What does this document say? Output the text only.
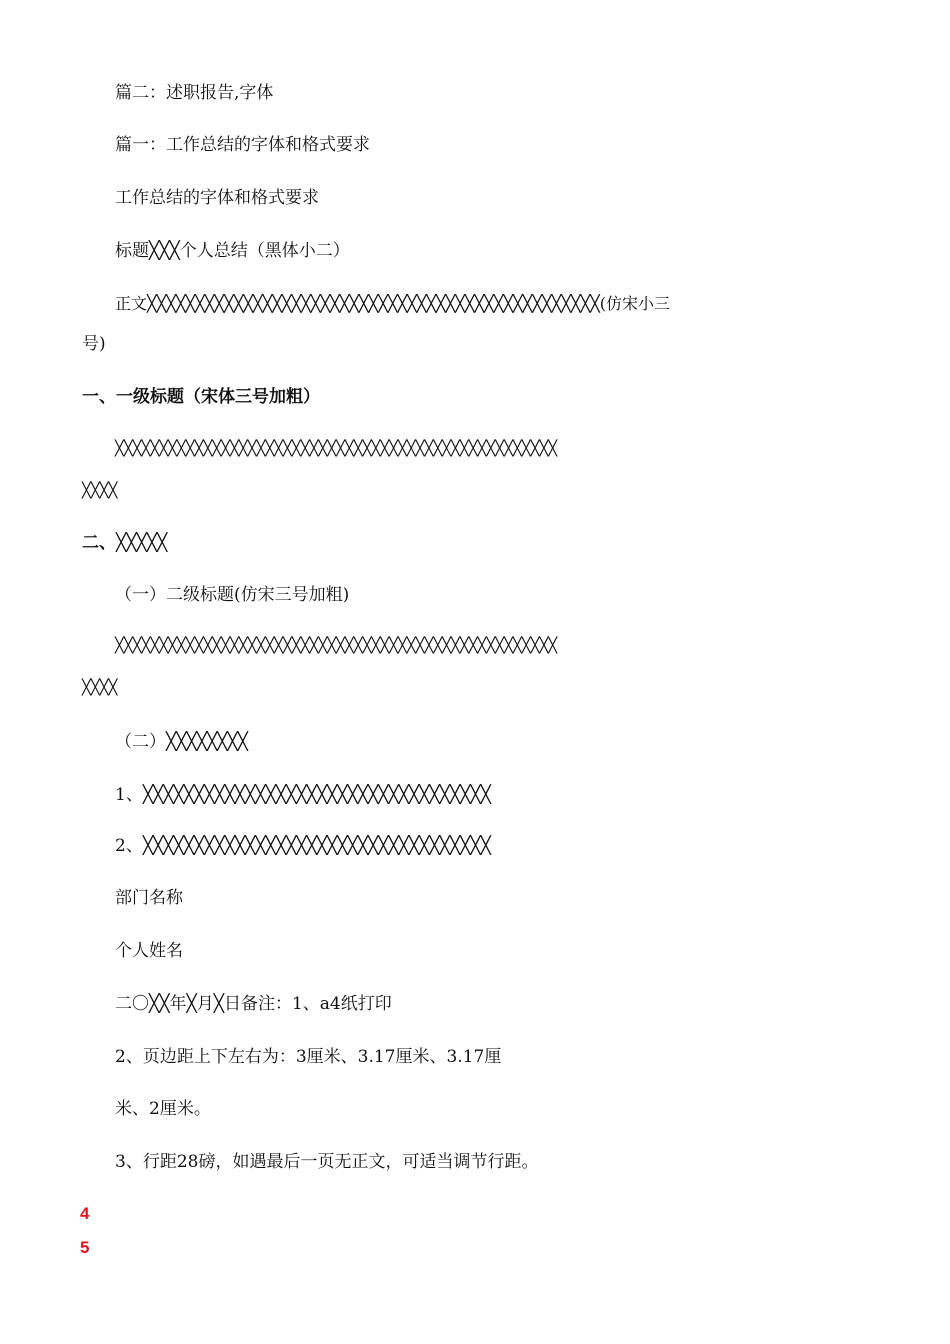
篇二：述职报告,字体

篇一：工作总结的字体和格式要求

工作总结的字体和格式要求

标题╳╳╳个人总结（黑体小二）

正文╳╳╳╳╳╳╳╳╳╳╳╳╳╳╳╳╳╳╳╳╳╳╳╳╳╳╳╳╳╳╳╳╳╳╳╳╳╳╳╳╳╳╳╳╳╳╳(仿宋小三

号)

一、一级标题（宋体三号加粗）

╳╳╳╳╳╳╳╳╳╳╳╳╳╳╳╳╳╳╳╳╳╳╳╳╳╳╳╳╳╳╳╳╳╳╳╳╳╳╳╳╳╳╳╳╳╳╳╳╳╳

╳╳╳╳

二、╳╳╳╳╳

（一）二级标题(仿宋三号加粗)

╳╳╳╳╳╳╳╳╳╳╳╳╳╳╳╳╳╳╳╳╳╳╳╳╳╳╳╳╳╳╳╳╳╳╳╳╳╳╳╳╳╳╳╳╳╳╳╳╳╳

╳╳╳╳

（二）╳╳╳╳╳╳╳╳

1、╳╳╳╳╳╳╳╳╳╳╳╳╳╳╳╳╳╳╳╳╳╳╳╳╳╳╳╳╳╳╳╳╳╳

2、╳╳╳╳╳╳╳╳╳╳╳╳╳╳╳╳╳╳╳╳╳╳╳╳╳╳╳╳╳╳╳╳╳╳

部门名称

个人姓名

二〇╳╳年╳月╳日备注：1、a4纸打印

2、页边距上下左右为：3厘米、3.17厘米、3.17厘

米、2厘米。

3、行距28磅，如遇最后一页无正文，可适当调节行距。

4
5
